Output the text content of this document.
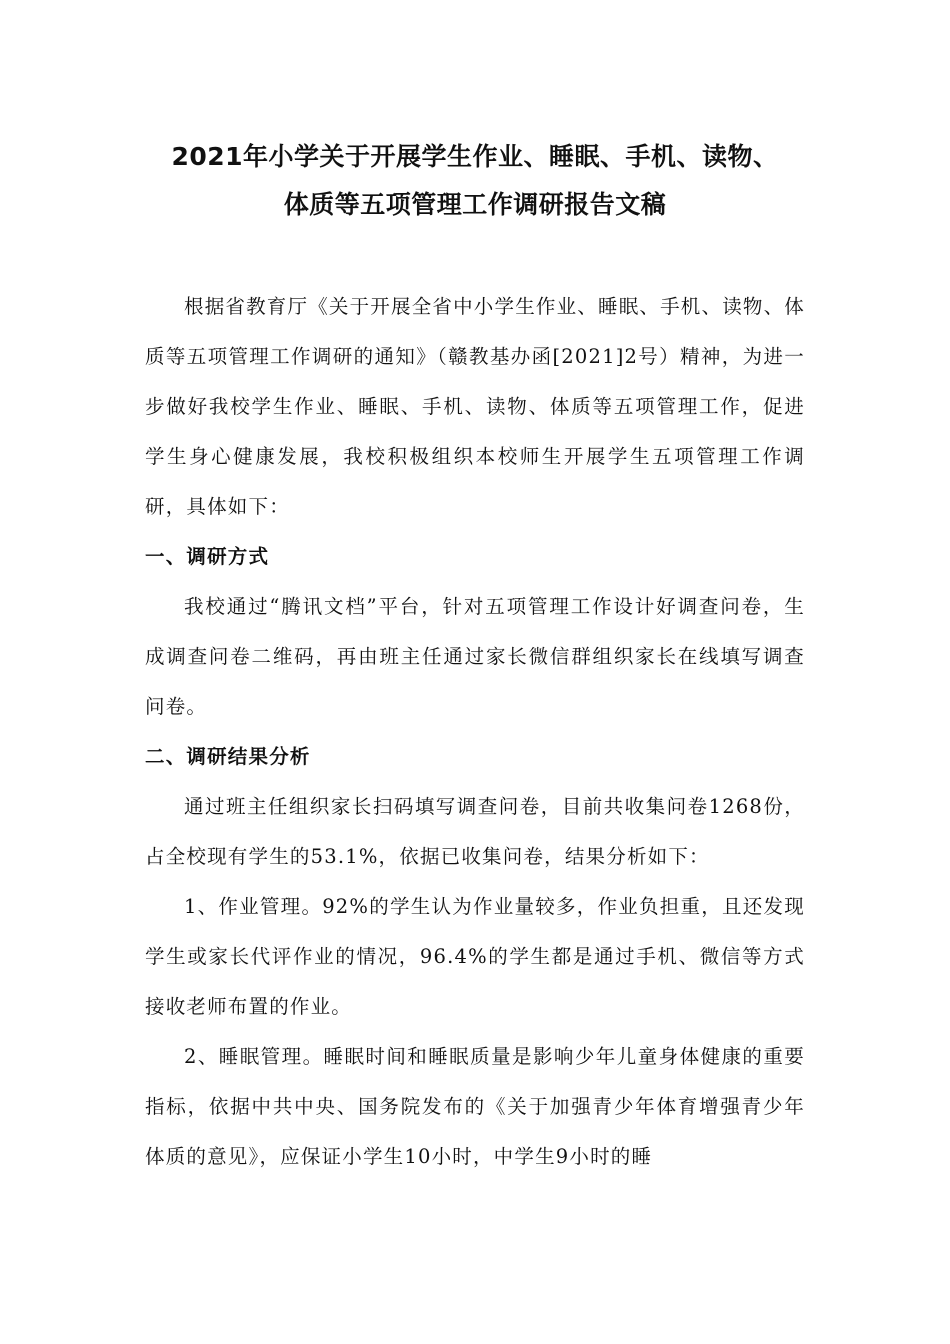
2021年小学关于开展学生作业、睡眠、手机、读物、
体质等五项管理工作调研报告文稿

根据省教育厅《关于开展全省中小学生作业、睡眠、手机、读物、体质等五项管理工作调研的通知》（赣教基办函[2021]2号）精神，为进一步做好我校学生作业、睡眠、手机、读物、体质等五项管理工作，促进学生身心健康发展，我校积极组织本校师生开展学生五项管理工作调研，具体如下：

一、调研方式

我校通过“腾讯文档”平台，针对五项管理工作设计好调查问卷，生成调查问卷二维码，再由班主任通过家长微信群组织家长在线填写调查问卷。

二、调研结果分析

通过班主任组织家长扫码填写调查问卷，目前共收集问卷1268份，占全校现有学生的53.1%，依据已收集问卷，结果分析如下：

1、作业管理。92%的学生认为作业量较多，作业负担重，且还发现学生或家长代评作业的情况，96.4%的学生都是通过手机、微信等方式接收老师布置的作业。

2、睡眠管理。睡眠时间和睡眠质量是影响少年儿童身体健康的重要指标，依据中共中央、国务院发布的《关于加强青少年体育增强青少年体质的意见》，应保证小学生10小时，中学生9小时的睡
